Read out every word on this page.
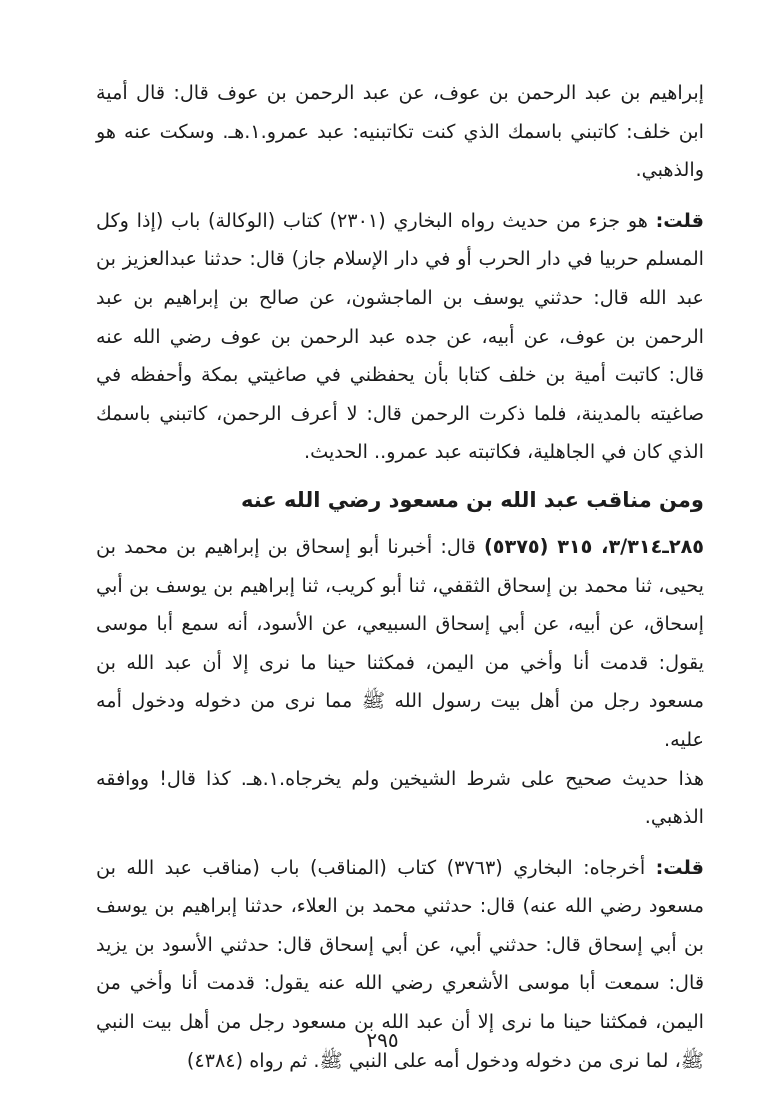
إبراهيم بن عبد الرحمن بن عوف، عن عبد الرحمن بن عوف قال: قال أمية ابن خلف: كاتبني باسمك الذي كنت تكاتبنيه: عبد عمرو.١.هـ. وسكت عنه هو والذهبي.

قلت: هو جزء من حديث رواه البخاري (٢٣٠١) كتاب (الوكالة) باب (إذا وكل المسلم حربيا في دار الحرب أو في دار الإسلام جاز) قال: حدثنا عبدالعزيز بن عبد الله قال: حدثني يوسف بن الماجشون، عن صالح بن إبراهيم بن عبد الرحمن بن عوف، عن أبيه، عن جده عبد الرحمن بن عوف رضي الله عنه قال: كاتبت أمية بن خلف كتابا بأن يحفظني في صاغيتي بمكة وأحفظه في صاغيته بالمدينة، فلما ذكرت الرحمن قال: لا أعرف الرحمن، كاتبني باسمك الذي كان في الجاهلية، فكاتبته عبد عمرو.. الحديث.

ومن مناقب عبد الله بن مسعود رضي الله عنه

٢٨٥ـ٣/٣١٤، ٣١٥ (٥٣٧٥) قال: أخبرنا أبو إسحاق بن إبراهيم بن محمد بن يحيى، ثنا محمد بن إسحاق الثقفي، ثنا أبو كريب، ثنا إبراهيم بن يوسف بن أبي إسحاق، عن أبيه، عن أبي إسحاق السبيعي، عن الأسود، أنه سمع أبا موسى يقول: قدمت أنا وأخي من اليمن، فمكثنا حينا ما نرى إلا أن عبد الله بن مسعود رجل من أهل بيت رسول الله ﷺ مما نرى من دخوله ودخول أمه عليه.

هذا حديث صحيح على شرط الشيخين ولم يخرجاه.١.هـ. كذا قال! ووافقه الذهبي.

قلت: أخرجاه: البخاري (٣٧٦٣) كتاب (المناقب) باب (مناقب عبد الله بن مسعود رضي الله عنه) قال: حدثني محمد بن العلاء، حدثنا إبراهيم بن يوسف بن أبي إسحاق قال: حدثني أبي، عن أبي إسحاق قال: حدثني الأسود بن يزيد قال: سمعت أبا موسى الأشعري رضي الله عنه يقول: قدمت أنا وأخي من اليمن، فمكثنا حينا ما نرى إلا أن عبد الله بن مسعود رجل من أهل بيت النبي ﷺ، لما نرى من دخوله ودخول أمه على النبي ﷺ. ثم رواه (٤٣٨٤)

٢٩٥
